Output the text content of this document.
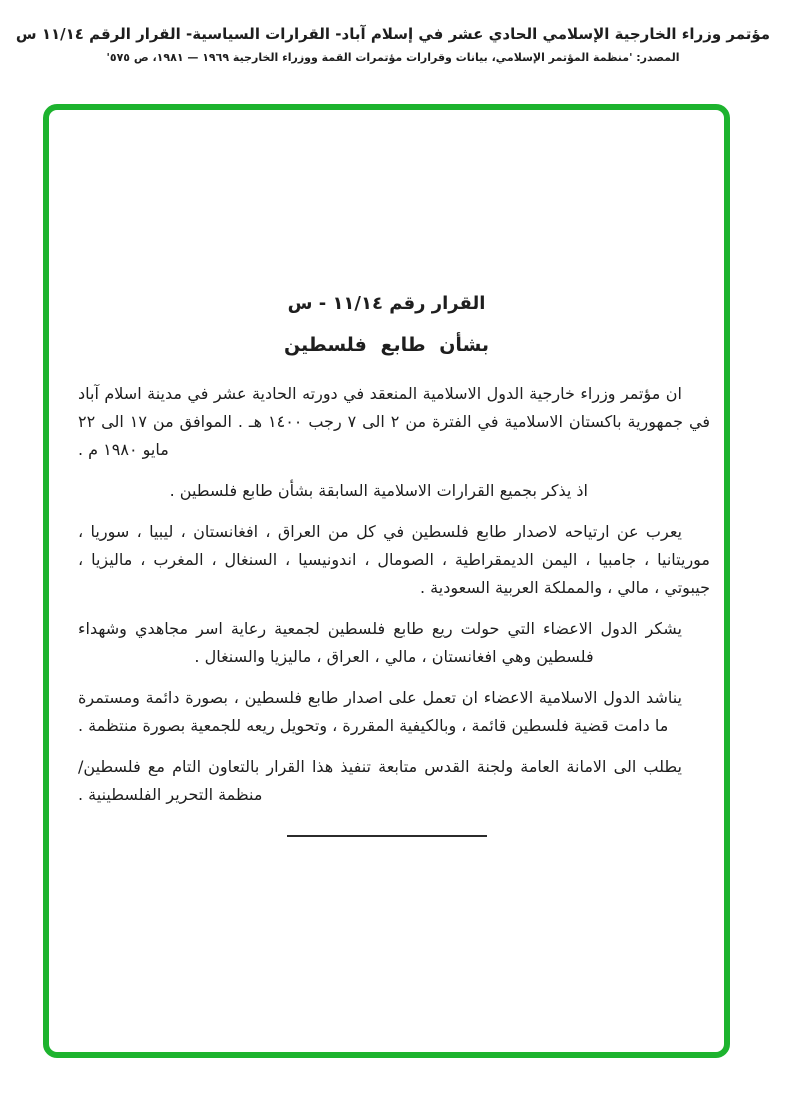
مؤتمر وزراء الخارجية الإسلامي الحادي عشر في إسلام آباد- القرارات السياسية- القرار الرقم ١١/١٤ س
المصدر: 'منظمة المؤتمر الإسلامي، بيانات وقرارات مؤتمرات القمة ووزراء الخارجية ١٩٦٩ — ١٩٨١، ص ٥٧٥'
القرار رقم ١١/١٤ - س
بشأن طابع فلسطين

ان مؤتمر وزراء خارجية الدول الاسلامية المنعقد في دورته الحادية عشر في مدينة اسلام آباد في جمهورية باكستان الاسلامية في الفترة من ٢ الى ٧ رجب ١٤٠٠ هـ . الموافق من ١٧ الى ٢٢ مايو ١٩٨٠ م .

اذ يذكر بجميع القرارات الاسلامية السابقة بشأن طابع فلسطين .

يعرب عن ارتياحه لاصدار طابع فلسطين في كل من العراق ، افغانستان ، ليبيا ، سوريا ، موريتانيا ، جامبيا ، اليمن الديمقراطية ، الصومال ، اندونيسيا ، السنغال ، المغرب ، ماليزيا ، جيبوتي ، مالي ، والمملكة العربية السعودية .

يشكر الدول الاعضاء التي حولت ريع طابع فلسطين لجمعية رعاية اسر مجاهدي وشهداء فلسطين وهي افغانستان ، مالي ، العراق ، ماليزيا والسنغال .

يناشد الدول الاسلامية الاعضاء ان تعمل على اصدار طابع فلسطين ، بصورة دائمة ومستمرة ما دامت قضية فلسطين قائمة ، وبالكيفية المقررة ، وتحويل ريعه للجمعية بصورة منتظمة .

يطلب الى الامانة العامة ولجنة القدس متابعة تنفيذ هذا القرار بالتعاون التام مع فلسطين/منظمة التحرير الفلسطينية .
